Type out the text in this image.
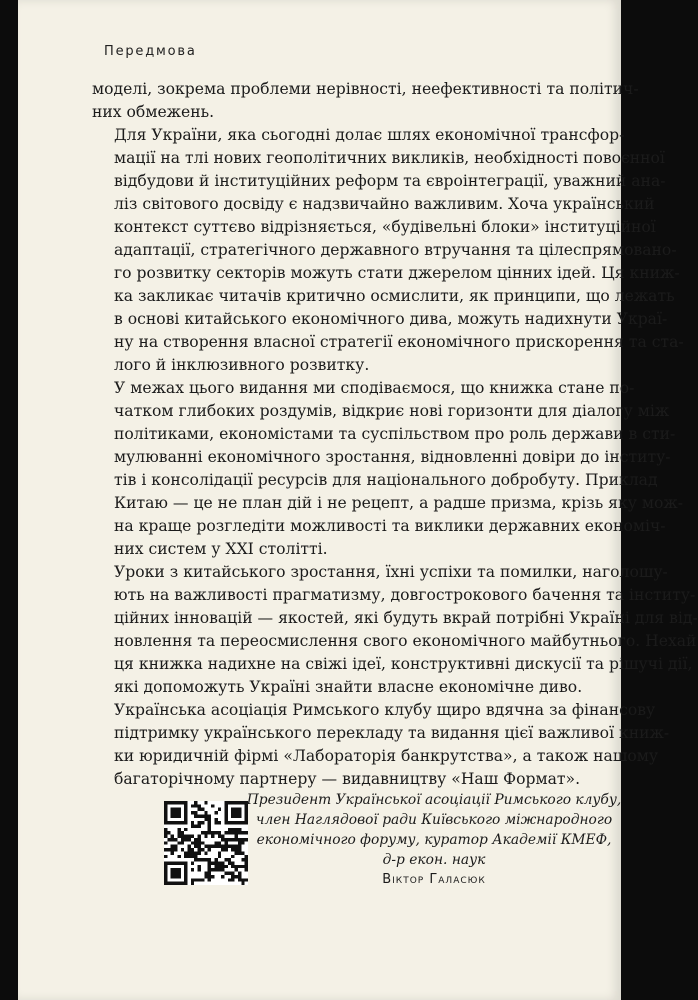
Передмова

моделі, зокрема проблеми нерівності, неефективності та політич-
них обмежень.

Для України, яка сьогодні долає шлях економічної трансфор-
мації на тлі нових геополітичних викликів, необхідності повоєнної
відбудови й інституційних реформ та євроінтеграції, уважний ана-
ліз світового досвіду є надзвичайно важливим. Хоча український
контекст суттєво відрізняється, «будівельні блоки» інституційної
адаптації, стратегічного державного втручання та цілеспрямовано-
го розвитку секторів можуть стати джерелом цінних ідей. Ця книж-
ка закликає читачів критично осмислити, як принципи, що лежать
в основі китайського економічного дива, можуть надихнути Украї-
ну на створення власної стратегії економічного прискорення та ста-
лого й інклюзивного розвитку.

У межах цього видання ми сподіваємося, що книжка стане по-
чатком глибоких роздумів, відкриє нові горизонти для діалогу між
політиками, економістами та суспільством про роль держави в сти-
мулюванні економічного зростання, відновленні довіри до інститу-
тів і консолідації ресурсів для національного добробуту. Приклад
Китаю — це не план дій і не рецепт, а радше призма, крізь яку мож-
на краще розгледіти можливості та виклики державних економіч-
них систем у XXI столітті.

Уроки з китайського зростання, їхні успіхи та помилки, наголошу-
ють на важливості прагматизму, довгострокового бачення та інститу-
ційних інновацій — якостей, які будуть вкрай потрібні Україні для від-
новлення та переосмислення свого економічного майбутнього. Нехай
ця книжка надихне на свіжі ідеї, конструктивні дискусії та рішучі дії,
які допоможуть Україні знайти власне економічне диво.

Українська асоціація Римського клубу щиро вдячна за фінансову
підтримку українського перекладу та видання цієї важливої книж-
ки юридичній фірмі «Лабораторія банкрутства», а також нашому
багаторічному партнеру — видавництву «Наш Формат».

Президент Української асоціації Римського клубу,
член Наглядової ради Київського міжнародного
економічного форуму, куратор Академії КМЕФ,
д-р екон. наук
Віктор Галасюк
